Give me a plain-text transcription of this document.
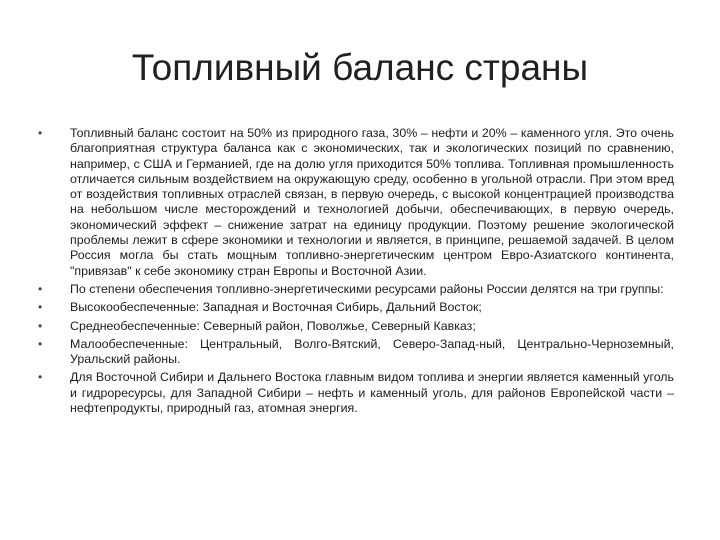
Топливный баланс страны
• Топливный баланс состоит на 50% из природного газа, 30% – нефти и 20% – каменного угля. Это очень благоприятная структура баланса как с экономических, так и экологических позиций по сравнению, например, с США и Германией, где на долю угля приходится 50% топлива. Топливная промышленность отличается сильным воздействием на окружающую среду, особенно в угольной отрасли. При этом вред от воздействия топливных отраслей связан, в первую очередь, с высокой концентрацией производства на небольшом числе месторождений и технологией добычи, обеспечивающих, в первую очередь, экономический эффект – снижение затрат на единицу продукции. Поэтому решение экологической проблемы лежит в сфере экономики и технологии и является, в принципе, решаемой задачей. В целом Россия могла бы стать мощным топливно-энергетическим центром Евро-Азиатского континента, "привязав" к себе экономику стран Европы и Восточной Азии.
• По степени обеспечения топливно-энергетическими ресурсами районы России делятся на три группы:
• Высокообеспеченные: Западная и Восточная Сибирь, Дальний Восток;
• Среднеобеспеченные: Северный район, Поволжье, Северный Кавказ;
• Малообеспеченные: Центральный, Волго-Вятский, Северо-Запад-ный, Центрально-Черноземный, Уральский районы.
• Для Восточной Сибири и Дальнего Востока главным видом топлива и энергии является каменный уголь и гидроресурсы, для Западной Сибири – нефть и каменный уголь, для районов Европейской части – нефтепродукты, природный газ, атомная энергия.
